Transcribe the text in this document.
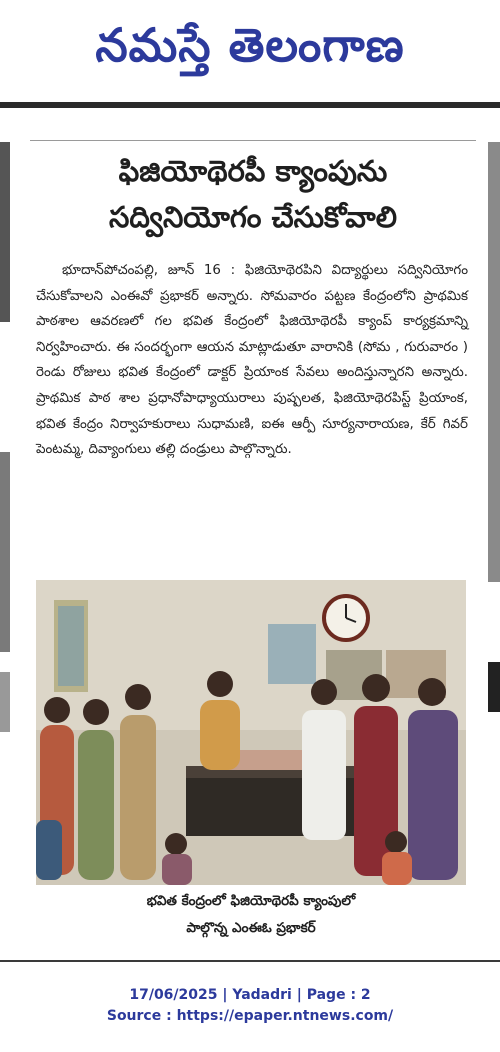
నమస్తే తెలంగాణ
ఫిజియోథెరపీ క్యాంపును
సద్వినియోగం చేసుకోవాలి

భూదాన్‌పోచంపల్లి, జూన్ 16 : ఫిజియోథెరపిని విద్యార్థులు సద్వినియోగం చేసుకోవాలని ఎంఈవో ప్రభాకర్ అన్నారు. సోమవారం పట్టణ కేంద్రంలోని ప్రాథమిక పాఠశాల ఆవరణలో గల భవిత కేంద్రంలో ఫిజియోథెరపీ క్యాంప్ కార్యక్రమాన్ని నిర్వహించారు. ఈ సందర్భంగా ఆయన మాట్లాడుతూ వారానికి (సోమ , గురువారం ) రెండు రోజులు భవిత కేంద్రంలో డాక్టర్ ప్రియాంక సేవలు అందిస్తున్నారని అన్నారు. ప్రాథమిక పాఠ శాల ప్రధానోపాధ్యాయురాలు పుష్పలత, ఫిజియోథెరపిస్ట్ ప్రియాంక, భవిత కేంద్రం నిర్వాహకురాలు సుధామణి, ఐఈ ఆర్పీ సూర్యనారాయణ, కేర్ గివర్ పెంటమ్మ, దివ్యాంగులు తల్లి దండ్రులు పాల్గొన్నారు.

భవిత కేంద్రంలో ఫిజియోథెరపీ క్యాంపులో
పాల్గొన్న ఎంఈఓ ప్రభాకర్
17/06/2025 | Yadadri | Page : 2
Source : https://epaper.ntnews.com/
